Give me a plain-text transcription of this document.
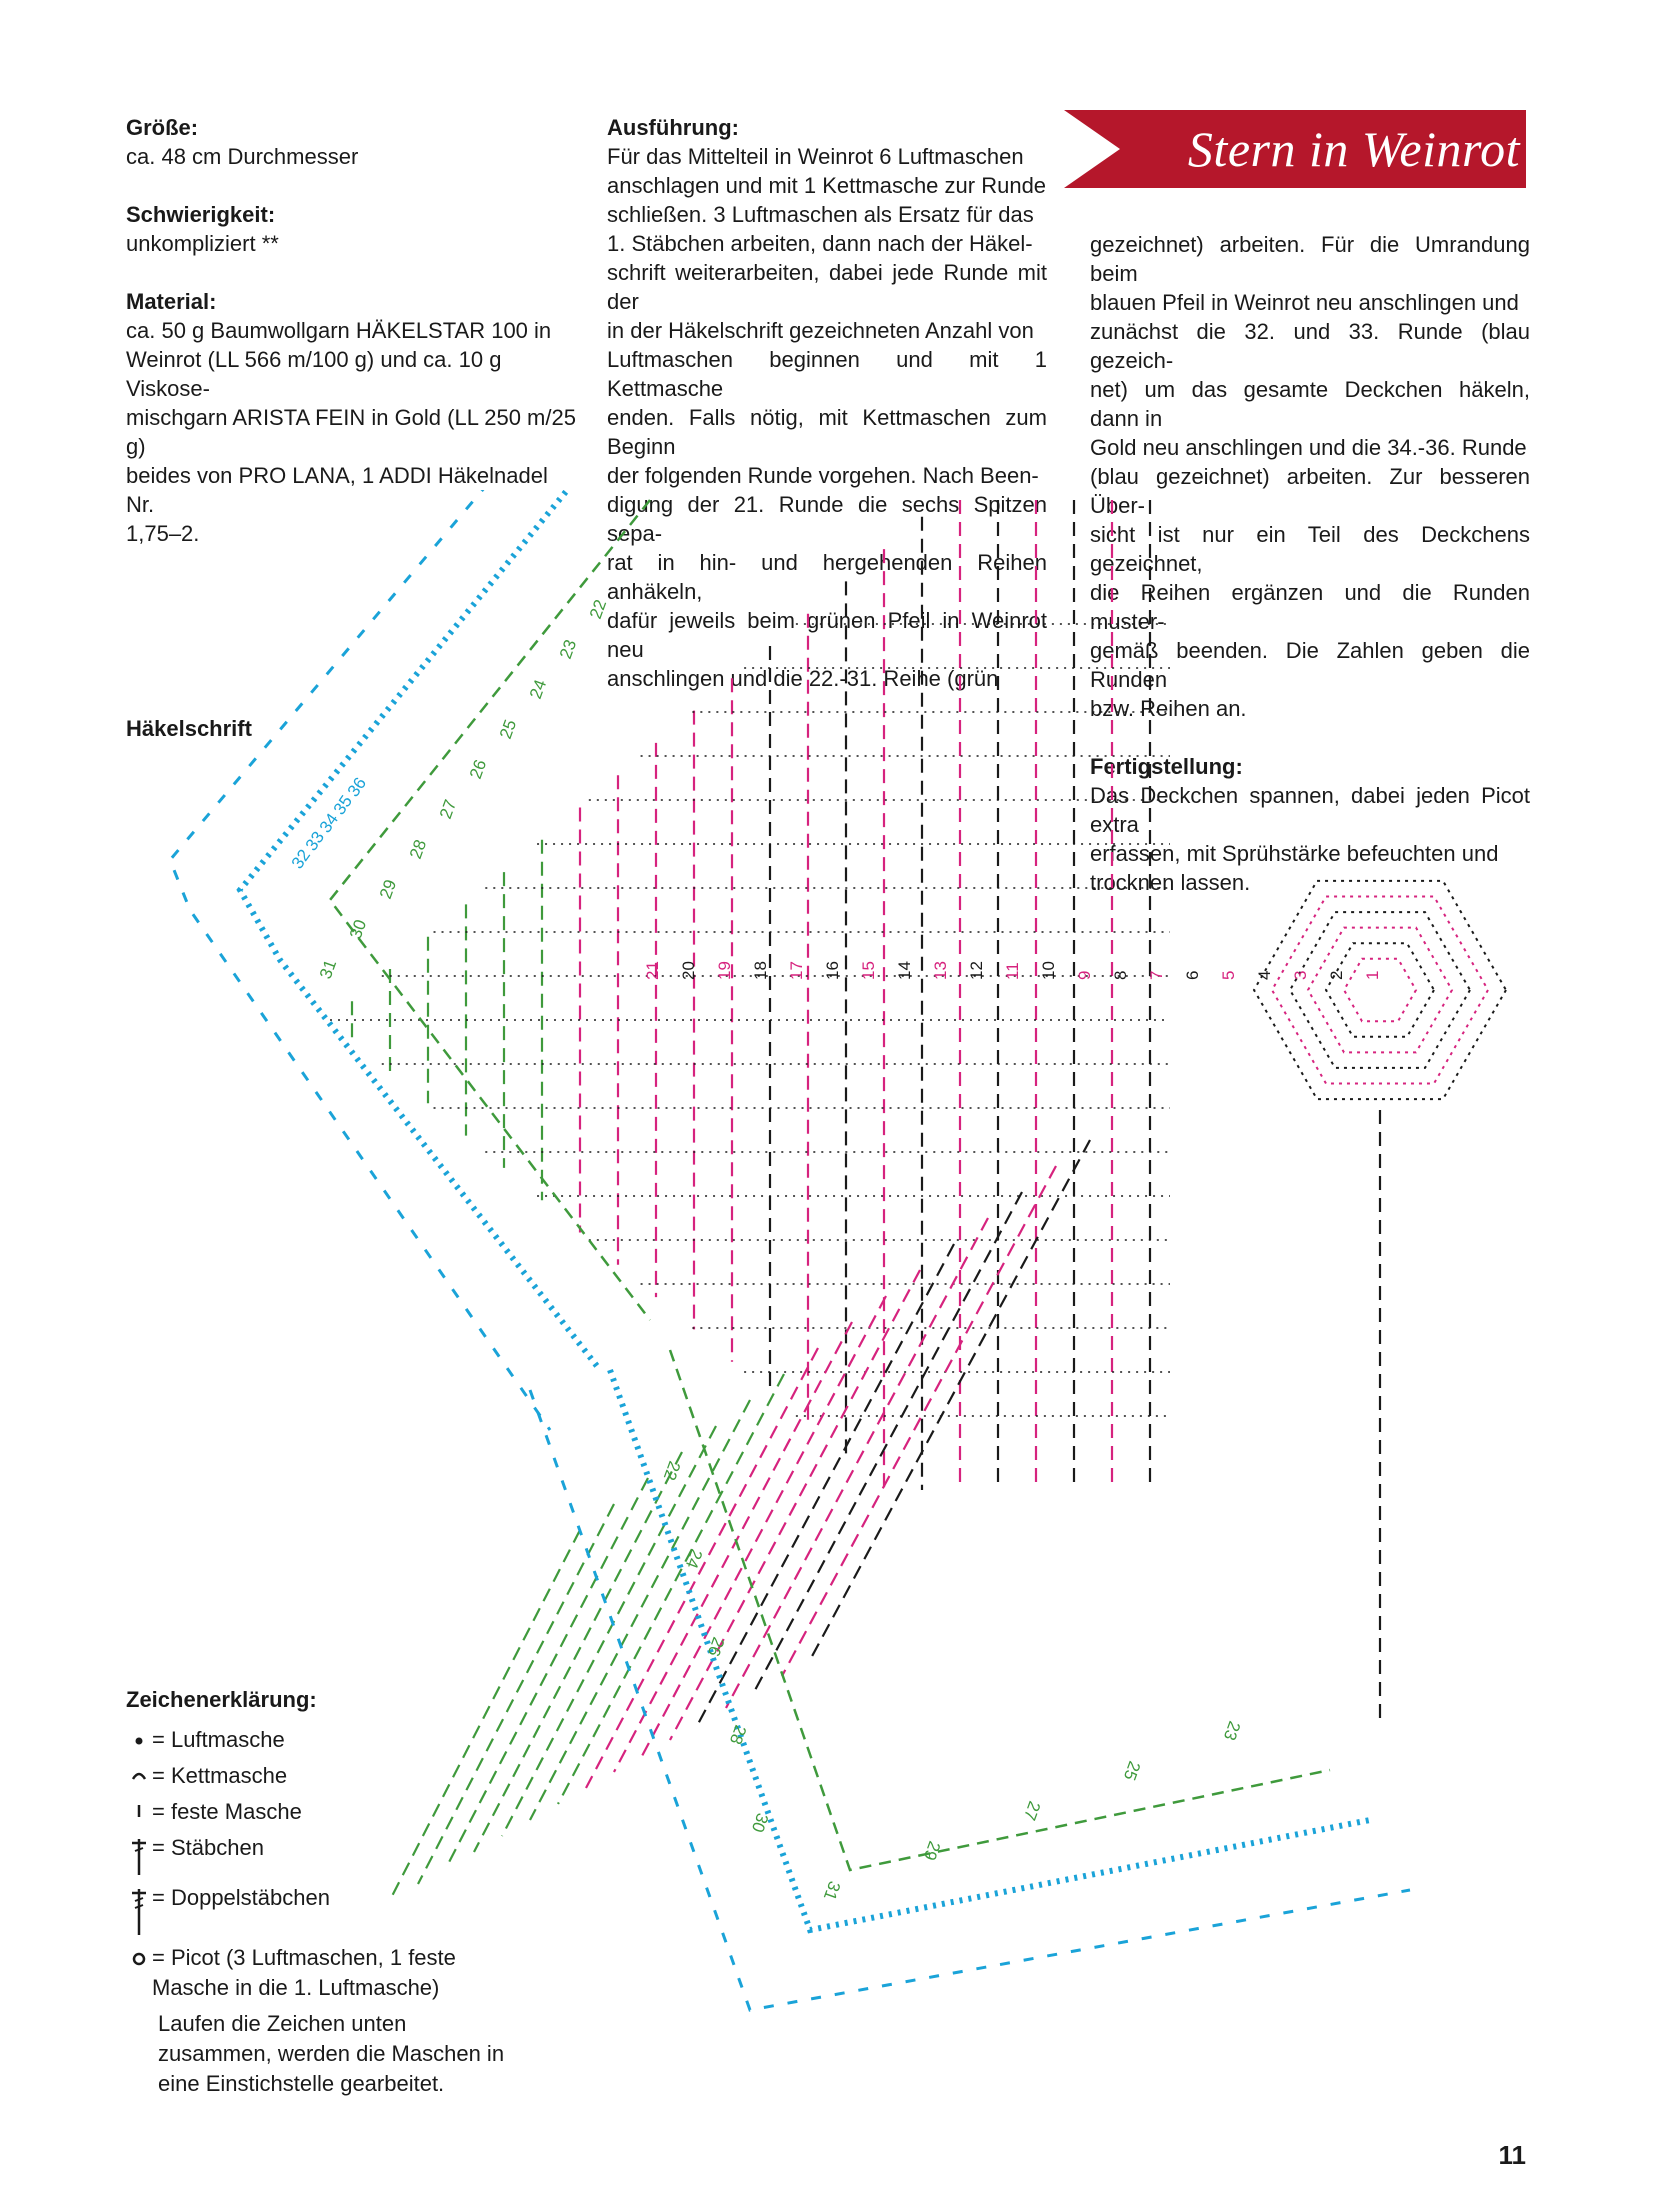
Größe:

ca. 48 cm Durchmesser

Schwierigkeit:

unkompliziert **

Material:

ca. 50 g Baumwollgarn HÄKELSTAR 100 in

Weinrot (LL 566 m/100 g) und ca. 10 g Viskose-

mischgarn ARISTA FEIN in Gold (LL 250 m/25 g)

beides von PRO LANA, 1 ADDI Häkelnadel Nr.

1,75–2.

Ausführung:

Für das Mittelteil in Weinrot 6 Luftmaschen

anschlagen und mit 1 Kettmasche zur Runde

schließen. 3 Luftmaschen als Ersatz für das

1. Stäbchen arbeiten, dann nach der Häkel-

schrift weiterarbeiten, dabei jede Runde mit der

in der Häkelschrift gezeichneten Anzahl von

Luftmaschen beginnen und mit 1 Kettmasche

enden. Falls nötig, mit Kettmaschen zum Beginn

der folgenden Runde vorgehen. Nach Been-

digung der 21. Runde die sechs Spitzen sepa-

rat in hin- und hergehenden Reihen anhäkeln,

dafür jeweils beim grünen Pfeil in Weinrot neu

anschlingen und die 22.-31. Reihe (grün

Stern in Weinrot

gezeichnet) arbeiten. Für die Umrandung beim

blauen Pfeil in Weinrot neu anschlingen und

zunächst die 32. und 33. Runde (blau gezeich-

net) um das gesamte Deckchen häkeln, dann in

Gold neu anschlingen und die 34.-36. Runde

(blau gezeichnet) arbeiten. Zur besseren Über-

sicht ist nur ein Teil des Deckchens gezeichnet,

die Reihen ergänzen und die Runden muster-

gemäß beenden. Die Zahlen geben die Runden

bzw. Reihen an.

Fertigstellung:

Das Deckchen spannen, dabei jeden Picot extra

erfassen, mit Sprühstärke befeuchten und

trocknen lassen.

Häkelschrift
1
2
3
4
5
6
7
8
9
10
11
12
13
14
15
16
17
18
19
20
21
22
23
24
25
26
27
28
29
30
31
22
24
26
28
30
31
29
27
25
23
32
33
34
35
36
Zeichenerklärung:
= Luftmasche
= Kettmasche
= feste Masche
= Stäbchen
= Doppelstäbchen
= Picot (3 Luftmaschen, 1 feste Masche in die 1. Luftmasche)
Laufen die Zeichen unten zusammen, werden die Maschen in eine Einstichstelle gearbeitet.
11
